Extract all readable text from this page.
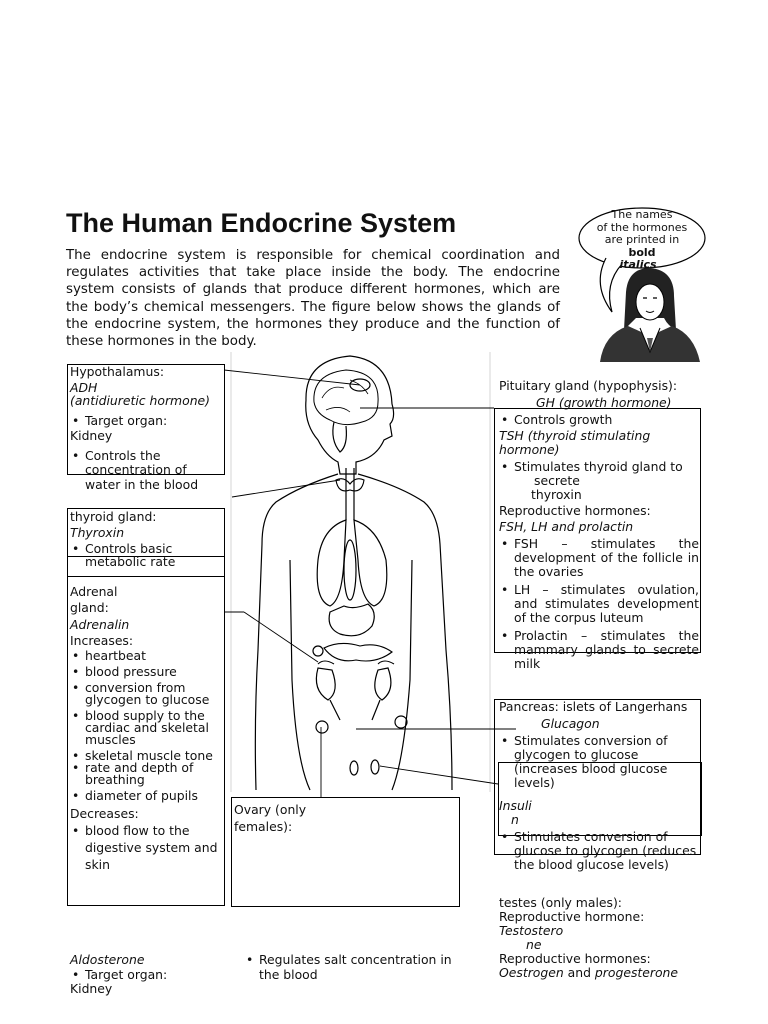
The Human Endocrine System
The endocrine system is responsible for chemical coordination and regulates activities that take place inside the body. The endocrine system consists of glands that produce different hormones, which are the body’s chemical messengers. The figure below shows the glands of the endocrine system, the hormones they produce and the function of these hormones in the body.
The names
of the hormones
are printed in
bold
italics
Hypothalamus:
ADH
(antidiuretic hormone)
• Target organ:
Kidney
• Controls the concentration of water in the blood
thyroid gland:
Thyroxin
• Controls basic metabolic rate
Adrenal
gland:
Adrenalin
Increases:
• heartbeat
• blood pressure
• conversion from glycogen to glucose
• blood supply to the cardiac and skeletal muscles
• skeletal muscle tone
• rate and depth of breathing
• diameter of pupils
Decreases:
• blood flow to the digestive system and skin
Aldosterone
• Target organ:
Kidney
• Regulates salt concentration in the blood
Ovary (only
females):
Pituitary gland (hypophysis):
GH (growth hormone)
• Controls growth
TSH (thyroid stimulating hormone)
• Stimulates thyroid gland to
secrete
thyroxin
Reproductive hormones:
FSH, LH and prolactin
• FSH – stimulates the development of the follicle in the ovaries
• LH – stimulates ovulation, and stimulates development of the corpus luteum
• Prolactin – stimulates the mammary glands to secrete milk
Pancreas: islets of Langerhans
Glucagon
• Stimulates conversion of glycogen to glucose (increases blood glucose levels)
Insuli
n
• Stimulates conversion of glucose to glycogen (reduces the blood glucose levels)
testes (only males):
Reproductive hormone:
Testostero
ne
Reproductive hormones:
Oestrogen and progesterone
